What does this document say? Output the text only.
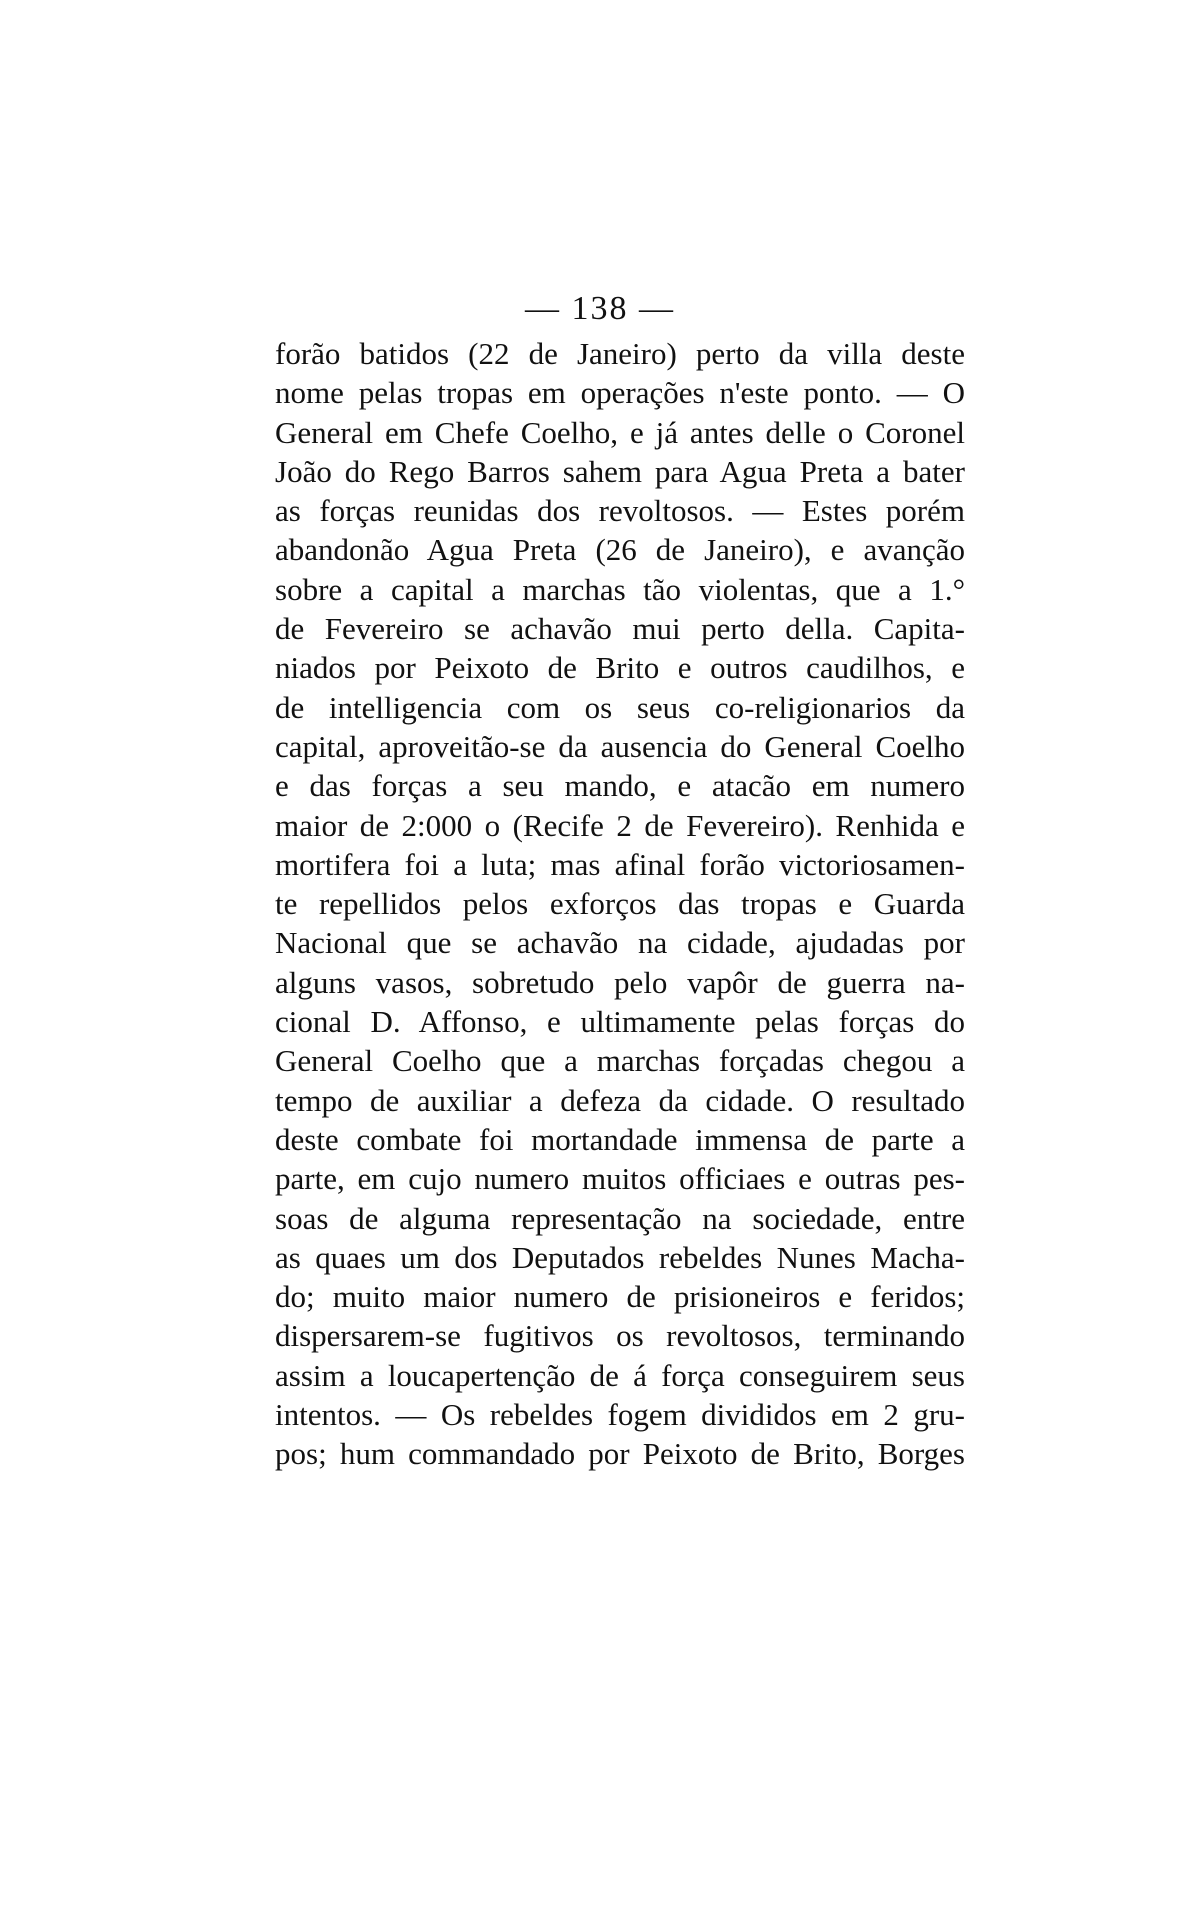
— 138 —
forão batidos (22 de Janeiro) perto da villa deste
nome pelas tropas em operações n'este ponto. — O
General em Chefe Coelho, e já antes delle o Coronel
João do Rego Barros sahem para Agua Preta a bater
as forças reunidas dos revoltosos. — Estes porém
abandonão Agua Preta (26 de Janeiro), e avanção
sobre a capital a marchas tão violentas, que a 1.°
de Fevereiro se achavão mui perto della. Capita-
niados por Peixoto de Brito e outros caudilhos, e
de intelligencia com os seus co-religionarios da
capital, aproveitão-se da ausencia do General Coelho
e das forças a seu mando, e atacão em numero
maior de 2:000 o (Recife 2 de Fevereiro). Renhida e
mortifera foi a luta; mas afinal forão victoriosamen-
te repellidos pelos exforços das tropas e Guarda
Nacional que se achavão na cidade, ajudadas por
alguns vasos, sobretudo pelo vapôr de guerra na-
cional D. Affonso, e ultimamente pelas forças do
General Coelho que a marchas forçadas chegou a
tempo de auxiliar a defeza da cidade. O resultado
deste combate foi mortandade immensa de parte a
parte, em cujo numero muitos officiaes e outras pes-
soas de alguma representação na sociedade, entre
as quaes um dos Deputados rebeldes Nunes Macha-
do; muito maior numero de prisioneiros e feridos;
dispersarem-se fugitivos os revoltosos, terminando
assim a loucapertenção de á força conseguirem seus
intentos. — Os rebeldes fogem divididos em 2 gru-
pos; hum commandado por Peixoto de Brito, Borges
